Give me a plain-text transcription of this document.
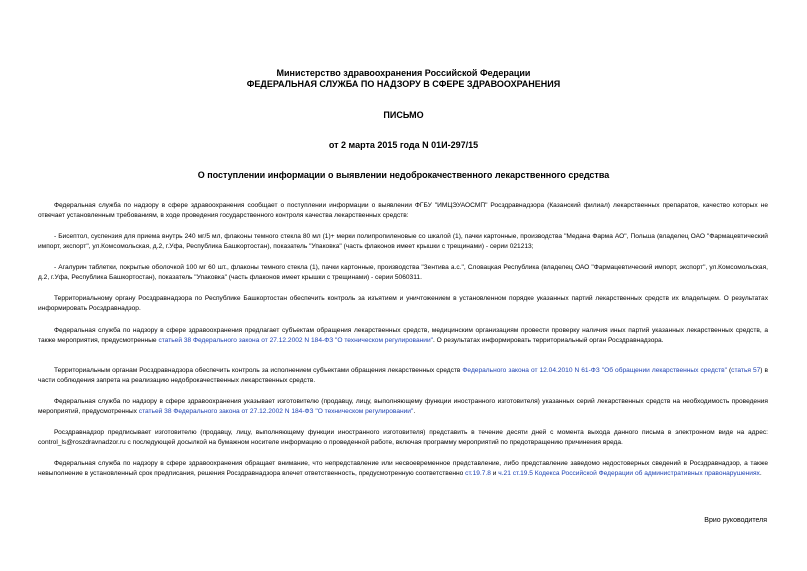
Министерство здравоохранения Российской Федерации
ФЕДЕРАЛЬНАЯ СЛУЖБА ПО НАДЗОРУ В СФЕРЕ ЗДРАВООХРАНЕНИЯ
ПИСЬМО
от 2 марта 2015 года N 01И-297/15
О поступлении информации о выявлении недоброкачественного лекарственного средства
Федеральная служба по надзору в сфере здравоохранения сообщает о поступлении информации о выявлении ФГБУ "ИМЦЭУАОСМП" Росздравнадзора (Казанский филиал) лекарственных препаратов, качество которых не отвечает установленным требованиям, в ходе проведения государственного контроля качества лекарственных средств:
- Бисептол, суспензия для приема внутрь 240 мг/5 мл, флаконы темного стекла 80 мл (1)+ мерки полипропиленовые со шкалой (1), пачки картонные, производства "Медана Фарма АО", Польша (владелец ОАО "Фармацевтический импорт, экспорт", ул.Комсомольская, д.2, г.Уфа, Республика Башкортостан), показатель "Упаковка" (часть флаконов имеет крышки с трещинами) - серии 021213;
- Агалурин таблетки, покрытые оболочкой 100 мг 60 шт., флаконы темного стекла (1), пачки картонные, производства "Зентива а.с.", Словацкая Республика (владелец ОАО "Фармацевтический импорт, экспорт", ул.Комсомольская, д.2, г.Уфа, Республика Башкортостан), показатель "Упаковка" (часть флаконов имеет крышки с трещинами) - серии 5060311.
Территориальному органу Росздравнадзора по Республике Башкортостан обеспечить контроль за изъятием и уничтожением в установленном порядке указанных партий лекарственных средств их владельцем. О результатах информировать Росздравнадзор.
Федеральная служба по надзору в сфере здравоохранения предлагает субъектам обращения лекарственных средств, медицинским организациям провести проверку наличия иных партий указанных лекарственных средств, а также мероприятия, предусмотренные статьей 38 Федерального закона от 27.12.2002 N 184-ФЗ "О техническом регулировании". О результатах информировать территориальный орган Росздравнадзора.
Территориальным органам Росздравнадзора обеспечить контроль за исполнением субъектами обращения лекарственных средств Федерального закона от 12.04.2010 N 61-ФЗ "Об обращении лекарственных средств" (статья 57) в части соблюдения запрета на реализацию недоброкачественных лекарственных средств.
Федеральная служба по надзору в сфере здравоохранения указывает изготовителю (продавцу, лицу, выполняющему функции иностранного изготовителя) указанных серий лекарственных средств на необходимость проведения мероприятий, предусмотренных статьей 38 Федерального закона от 27.12.2002 N 184-ФЗ "О техническом регулировании".
Росздравнадзор предписывает изготовителю (продавцу, лицу, выполняющему функции иностранного изготовителя) представить в течение десяти дней с момента выхода данного письма в электронном виде на адрес: control_ls@roszdravnadzor.ru с последующей досылкой на бумажном носителе информацию о проведенной работе, включая программу мероприятий по предотвращению причинения вреда.
Федеральная служба по надзору в сфере здравоохранения обращает внимание, что непредставление или несвоевременное представление, либо представление заведомо недостоверных сведений в Росздравнадзор, а также невыполнение в установленный срок предписания, решения Росздравнадзора влечет ответственность, предусмотренную соответственно ст.19.7.8 и ч.21 ст.19.5 Кодекса Российской Федерации об административных правонарушениях.
Врио руководителя
